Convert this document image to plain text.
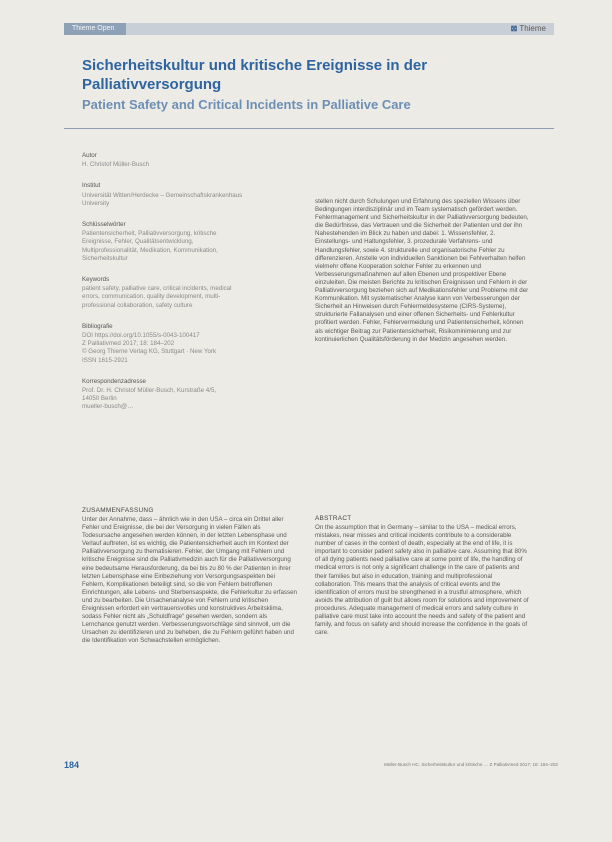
Thieme Open	⊠ Thieme
Sicherheitskultur und kritische Ereignisse in der Palliativversorgung
Patient Safety and Critical Incidents in Palliative Care
Autor
H. Christof Müller-Busch
Institut
Universität Witten/Herdecke – Gemeinschaftskrankenhaus
University
Schlüsselwörter
Patientensicherheit, Palliativversorgung, kritische
Ereignisse, Fehler, Qualitätsentwicklung,
Multiprofessionalität, Medikation, Kommunikation,
Sicherheitskultur
Keywords
patient safety, palliative care, critical incidents, medical
errors, communication, quality development, multi-
professional collaboration, safety culture
Bibliografie
DOI https://doi.org/10.1055/s-0043-100417
Z Palliativmed 2017; 18: 184–202
© Georg Thieme Verlag KG, Stuttgart · New York
ISSN 1615-2921
Korrespondenzadresse
Prof. Dr. H. Christof Müller-Busch, Kurstraße 4/5,
14050 Berlin
mueller-busch@…
stellen nicht durch Schulungen und Erfahrung des speziellen Wissens über Bedingungen interdisziplinär und im Team systematisch gefördert werden. Fehlermanagement und Sicherheitskultur in der Palliativversorgung bedeuten, die Bedürfnisse, das Vertrauen und die Sicherheit der Patienten und der ihn Nahestehenden im Blick zu haben und dabei: 1. Wissensfehler, 2. Einstellungs- und Haltungsfehler, 3. prozedurale Verfahrens- und Handlungsfehler, sowie 4. strukturelle und organisatorische Fehler zu differenzieren. Anstelle von individuellen Sanktionen bei Fehlverhalten helfen vielmehr offene Kooperation solcher Fehler zu erkennen und Verbesserungsmaßnahmen auf allen Ebenen und prospektiver Ebene einzuleiten. Die meisten Berichte zu kritischen Ereignissen und Fehlern in der Palliativversorgung beziehen sich auf Medikationsfehler und Probleme mit der Kommunikation. Mit systematischer Analyse kann von Verbesserungen der Sicherheit an Hinweisen durch Fehlermeldesysteme (CIRS-Systeme), strukturierte Fallanalysen und einer offenen Sicherheits- und Fehlerkultur profitiert werden. Fehler, Fehlervermeidung und Patientensicherheit, können als wichtiger Beitrag zur Patientensicherheit, Risikominimierung und zur kontinuierlichen Qualitätsförderung in der Medizin angesehen werden.
ZUSAMMENFASSUNG
Unter der Annahme, dass – ähnlich wie in den USA – circa ein Drittel aller Fehler und Ereignisse, die bei der Versorgung in vielen Fällen als Todesursache angesehen werden können, in der letzten Lebensphase und Verlauf auftreten, ist es wichtig, die Patientensicherheit auch im Kontext der Palliativversorgung zu thematisieren. Fehler, der Umgang mit Fehlern und kritische Ereignisse sind die Palliativmedizin auch für die Palliativversorgung eine bedeutsame Herausforderung, da bei bis zu 80 % der Patienten in ihrer letzten Lebensphase eine Einbeziehung von Versorgungsaspekten bei Fehlern, Komplikationen beteiligt sind, so die von Fehlern betroffenen Einrichtungen, alle Lebens- und Sterbensaspekte, die Fehlerkultur zu erfassen und zu bearbeiten. Die Ursachenanalyse von Fehlern und kritischen Ereignissen erfordert ein vertrauensvolles und konstruktives Arbeitsklima, sodass Fehler nicht als „Schuldfrage“ gesehen werden, sondern als Lernchance genutzt werden. Verbesserungsvorschläge sind sinnvoll, um die Ursachen zu identifizieren und zu beheben, die zu Fehlern geführt haben und die Identifikation von Schwachstellen ermöglichen.
ABSTRACT
On the assumption that in Germany – similar to the USA – medical errors, mistakes, near misses and critical incidents contribute to a considerable number of cases in the context of death, especially at the end of life, it is important to consider patient safety also in palliative care. Assuming that 80% of all dying patients need palliative care at some point of life, the handling of medical errors is not only a significant challenge in the care of patients and their families but also in education, training and multiprofessional collaboration. This means that the analysis of critical events and the identification of errors must be strengthened in a trustful atmosphere, which avoids the attribution of guilt but allows room for solutions and improvement of procedures. Adequate management of medical errors and safety culture in palliative care must take into account the needs and safety of the patient and family, and focus on safety and should increase the confidence in the goals of care.
184	Müller-Busch HC. Sicherheitskultur und kritische … Z Palliativmed 2017; 18: 184–202
